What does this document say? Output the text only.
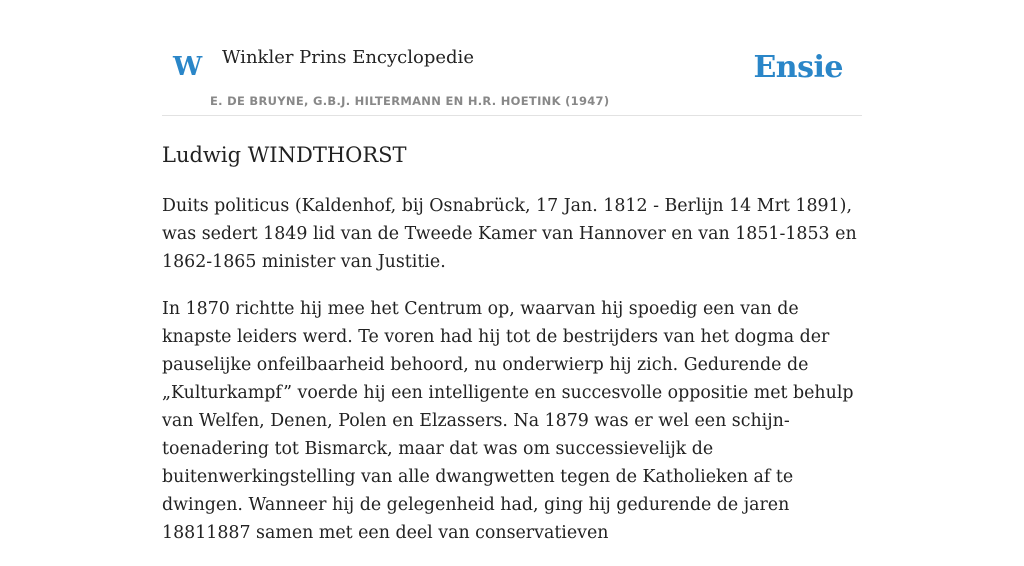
W Winkler Prins Encyclopedie
E. DE BRUYNE, G.B.J. HILTERMANN EN H.R. HOETINK (1947)
Ensie
Ludwig WINDTHORST

Duits politicus (Kaldenhof, bij Osnabrück, 17 Jan. 1812 - Berlijn 14 Mrt 1891), was sedert 1849 lid van de Tweede Kamer van Hannover en van 1851-1853 en 1862-1865 minister van Justitie.

In 1870 richtte hij mee het Centrum op, waarvan hij spoedig een van de knapste leiders werd. Te voren had hij tot de bestrijders van het dogma der pauselijke onfeilbaarheid behoord, nu onderwierp hij zich. Gedurende de „Kulturkampf” voerde hij een intelligente en succesvolle oppositie met behulp van Welfen, Denen, Polen en Elzassers. Na 1879 was er wel een schijn-toenadering tot Bismarck, maar dat was om successievelijk de buitenwerkingstelling van alle dwangwetten tegen de Katholieken af te dwingen. Wanneer hij de gelegenheid had, ging hij gedurende de jaren 18811887 samen met een deel van conservatieven
